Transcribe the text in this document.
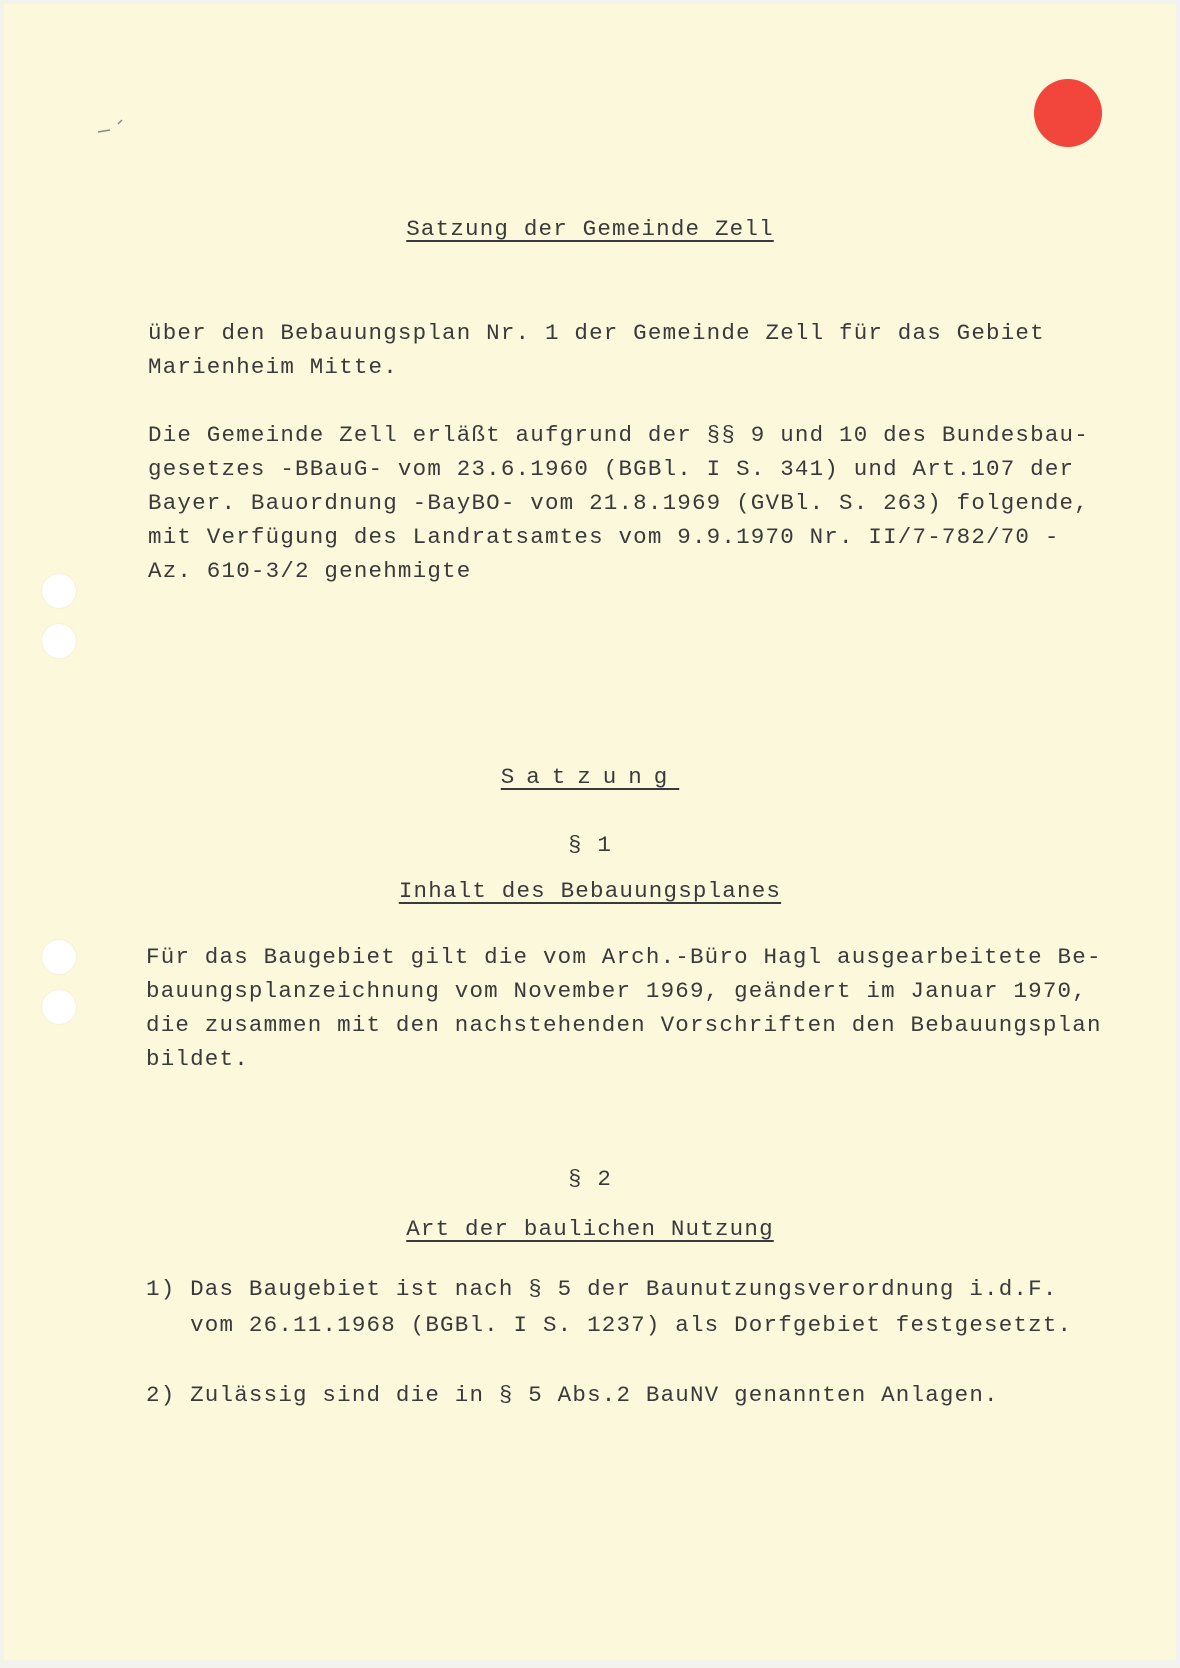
Satzung der Gemeinde Zell
über den Bebauungsplan Nr. 1 der Gemeinde Zell für das Gebiet
Marienheim Mitte.
Die Gemeinde Zell erläßt aufgrund der §§ 9 und 10 des Bundesbau-
gesetzes -BBauG- vom 23.6.1960 (BGBl. I S. 341) und Art.107 der
Bayer. Bauordnung -BayBO- vom 21.8.1969 (GVBl. S. 263) folgende,
mit Verfügung des Landratsamtes vom 9.9.1970 Nr. II/7-782/70 -
Az. 610-3/2 genehmigte
Satzung
§ 1
Inhalt des Bebauungsplanes
Für das Baugebiet gilt die vom Arch.-Büro Hagl ausgearbeitete Be-
bauungsplanzeichnung vom November 1969, geändert im Januar 1970,
die zusammen mit den nachstehenden Vorschriften den Bebauungsplan
bildet.
§ 2
Art der baulichen Nutzung
1) Das Baugebiet ist nach § 5 der Baunutzungsverordnung i.d.F.
vom 26.11.1968 (BGBl. I S. 1237) als Dorfgebiet festgesetzt.
2) Zulässig sind die in § 5 Abs.2 BauNV genannten Anlagen.
